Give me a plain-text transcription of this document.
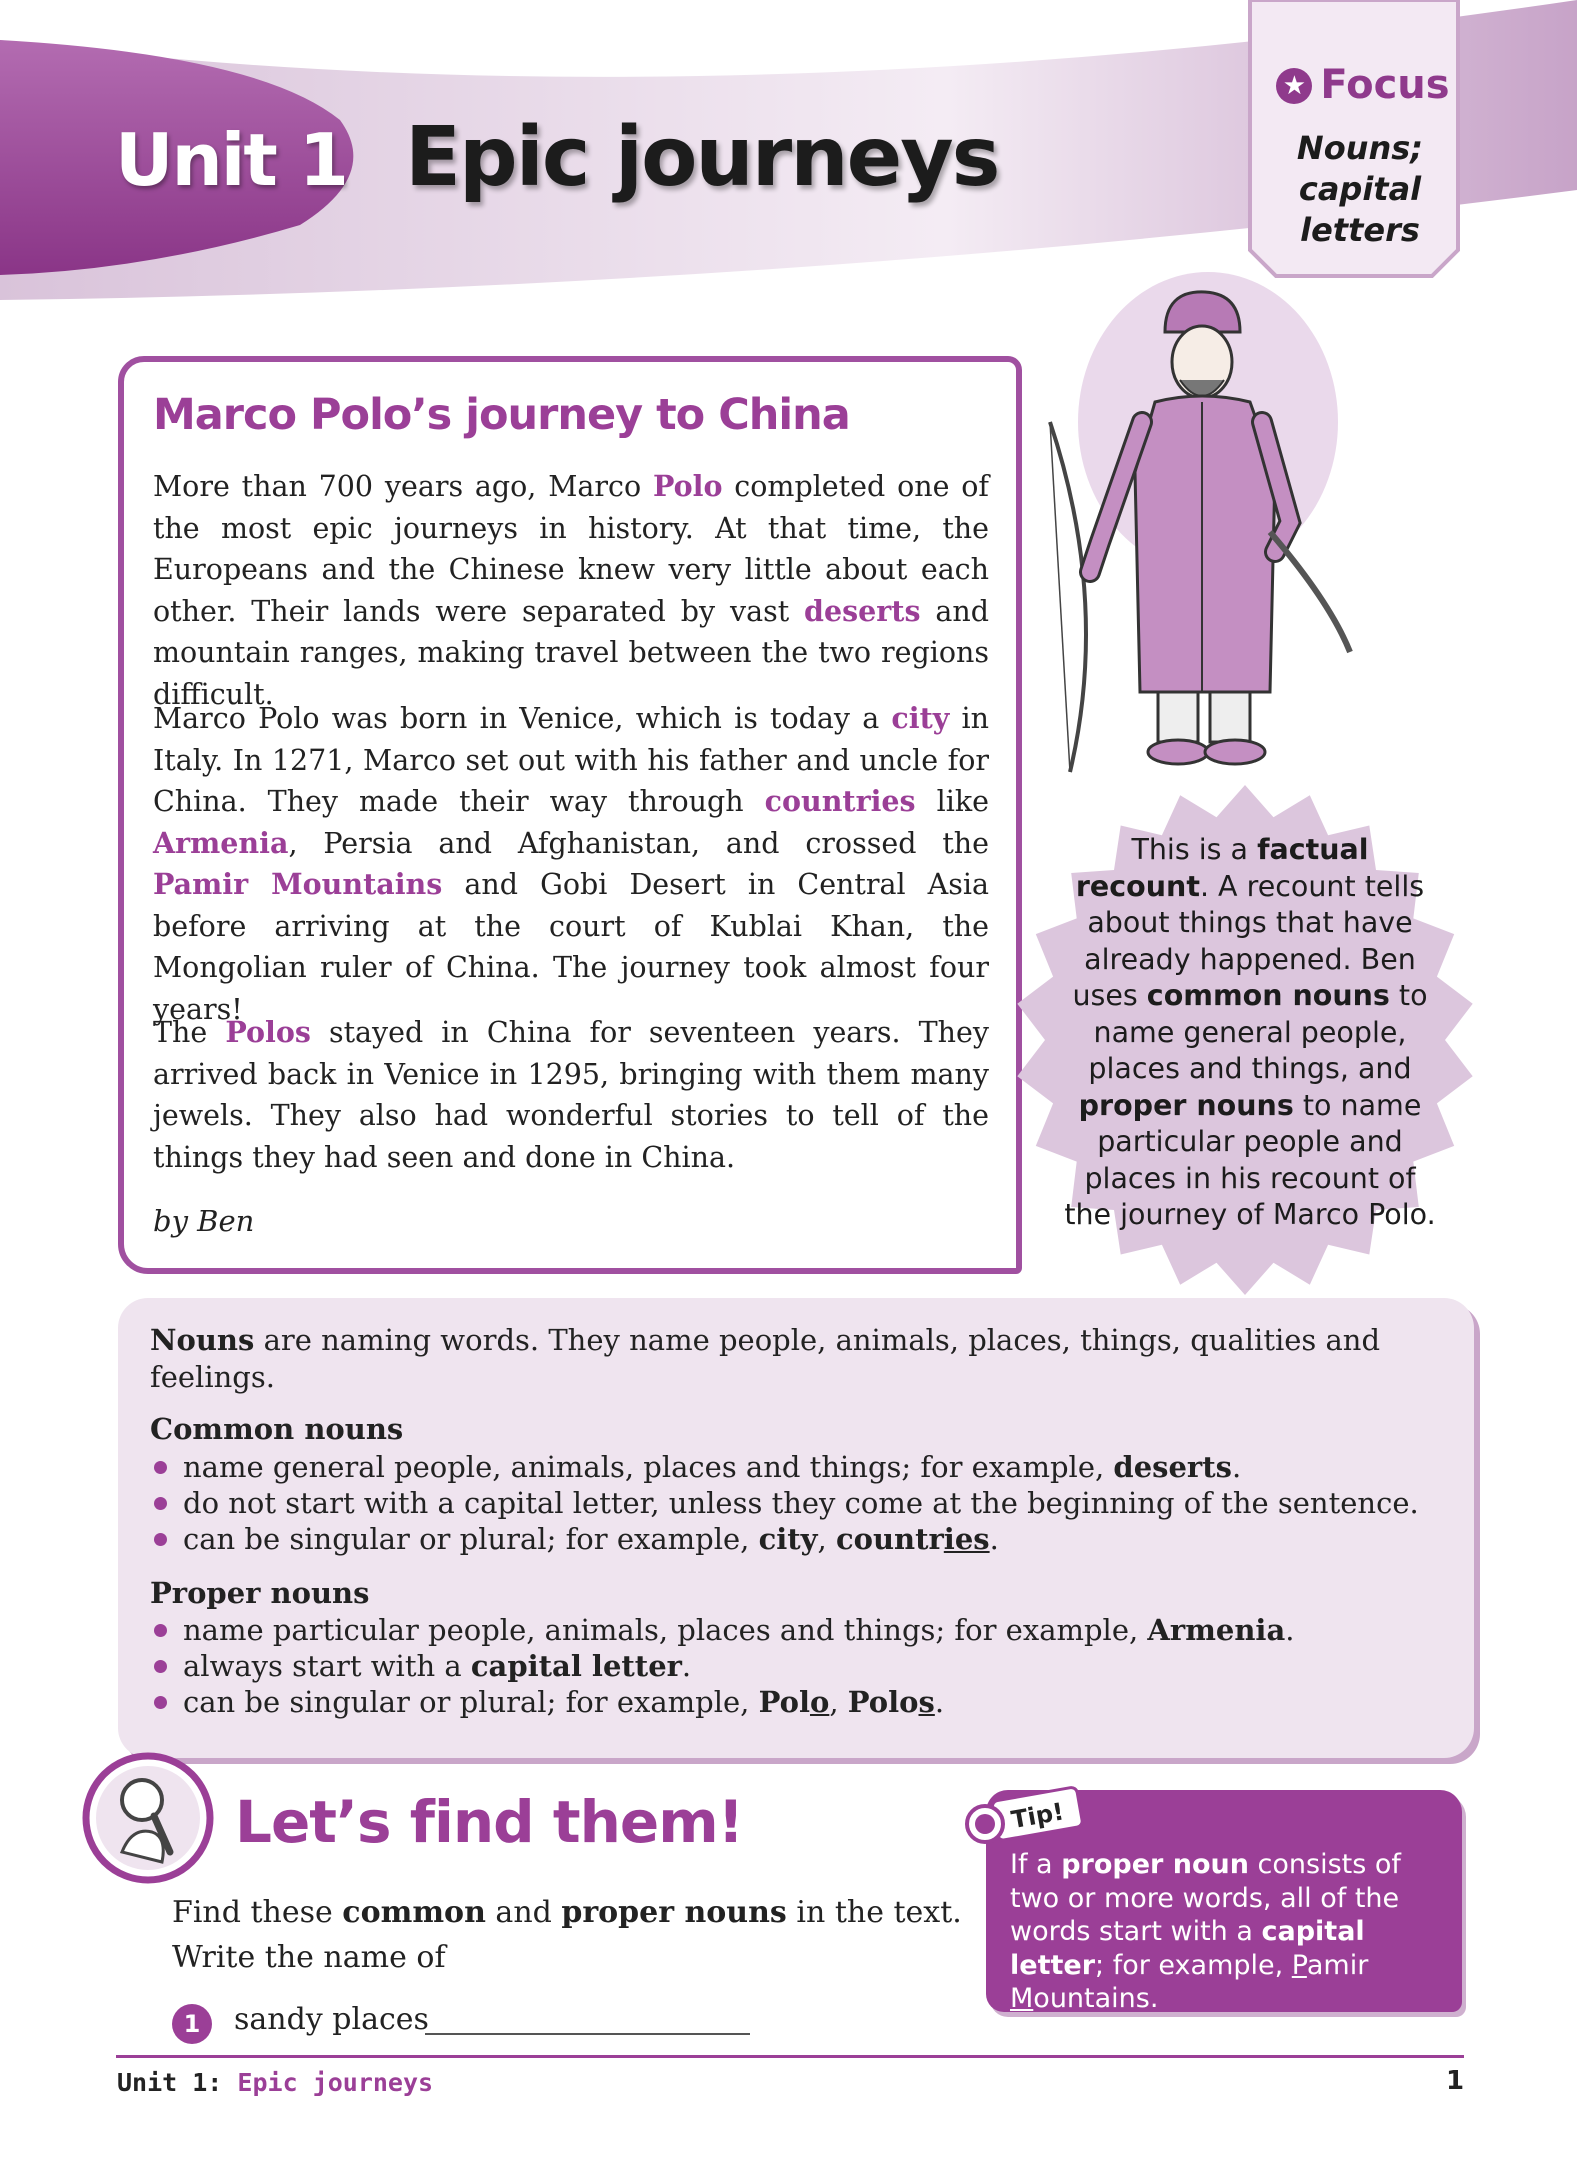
Unit 1 Epic journeys
★ Focus
Nouns;
capital
letters
Marco Polo’s journey to China
More than 700 years ago, Marco Polo completed one of the most epic journeys in history. At that time, the Europeans and the Chinese knew very little about each other. Their lands were separated by vast deserts and mountain ranges, making travel between the two regions difficult.
Marco Polo was born in Venice, which is today a city in Italy. In 1271, Marco set out with his father and uncle for China. They made their way through countries like Armenia, Persia and Afghanistan, and crossed the Pamir Mountains and Gobi Desert in Central Asia before arriving at the court of Kublai Khan, the Mongolian ruler of China. The journey took almost four years!
The Polos stayed in China for seventeen years. They arrived back in Venice in 1295, bringing with them many jewels. They also had wonderful stories to tell of the things they had seen and done in China.
by Ben
This is a factual recount. A recount tells about things that have already happened. Ben uses common nouns to name general people, places and things, and proper nouns to name particular people and places in his recount of the journey of Marco Polo.
Nouns are naming words. They name people, animals, places, things, qualities and feelings.
Common nouns
name general people, animals, places and things; for example, deserts.
do not start with a capital letter, unless they come at the beginning of the sentence.
can be singular or plural; for example, city, countries.
Proper nouns
name particular people, animals, places and things; for example, Armenia.
always start with a capital letter.
can be singular or plural; for example, Polo, Polos.
Let’s find them!
Find these common and proper nouns in the text.
Write the name of
1	sandy places
Tip!
If a proper noun consists of two or more words, all of the words start with a capital letter; for example, Pamir Mountains.
Unit 1: Epic journeys	1
